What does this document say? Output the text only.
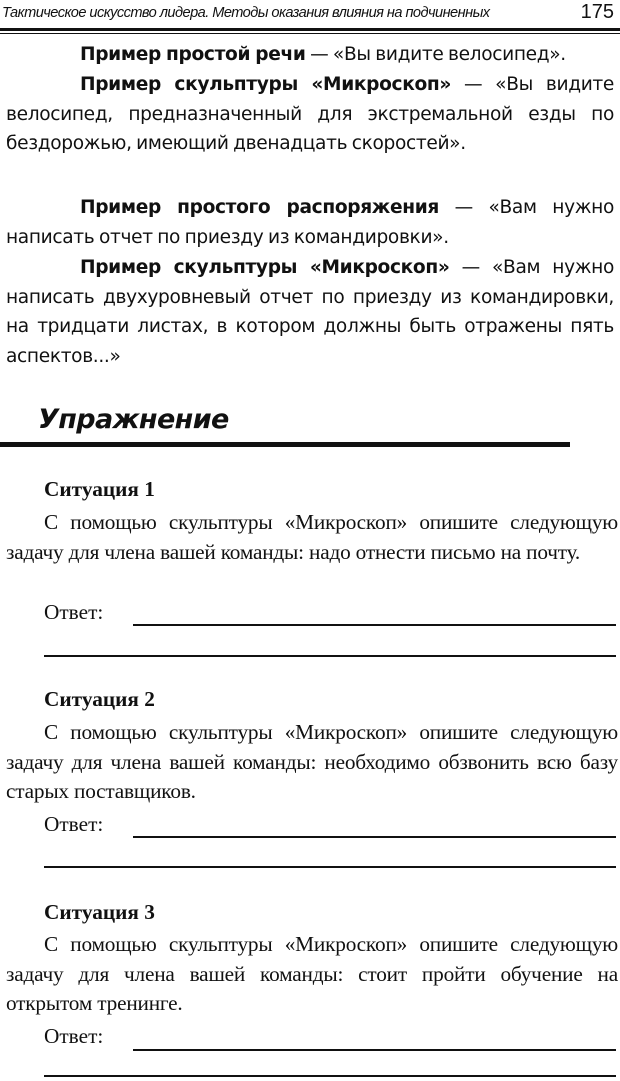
Тактическое искусство лидера. Методы оказания влияния на подчиненных	175

Пример простой речи — «Вы видите велосипед».

Пример скульптуры «Микроскоп» — «Вы видите велосипед, предназначенный для экстремальной езды по бездорожью, имеющий двенадцать скоростей».

Пример простого распоряжения — «Вам нужно написать отчет по приезду из командировки».

Пример скульптуры «Микроскоп» — «Вам нужно написать двухуровневый отчет по приезду из командировки, на тридцати листах, в котором должны быть отражены пять аспектов...»

Упражнение
Ситуация 1

С помощью скульптуры «Микроскоп» опишите следующую задачу для члена вашей команды: надо отнести письмо на почту.

Ответ:
Ситуация 2

С помощью скульптуры «Микроскоп» опишите следующую задачу для члена вашей команды: необходимо обзвонить всю базу старых поставщиков.

Ответ:
Ситуация 3

С помощью скульптуры «Микроскоп» опишите следующую задачу для члена вашей команды: стоит пройти обучение на открытом тренинге.

Ответ:
